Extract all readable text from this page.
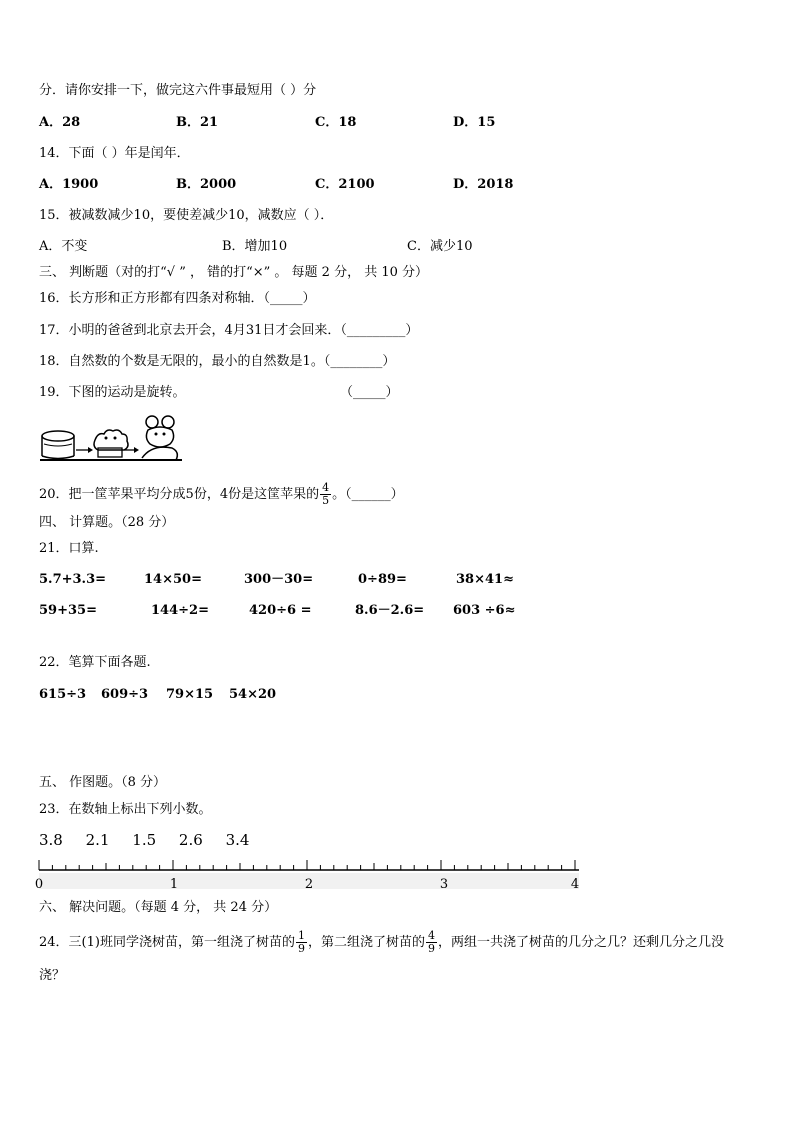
分．请你安排一下，做完这六件事最短用（ ）分
A．28	B．21	C．18	D．15
14．下面（ ）年是闰年．
A．1900	B．2000	C．2100	D．2018
15．被减数减少10，要使差减少10，减数应（ ）．
A．不变	B．增加10	C．减少10
三、 判断题（对的打“√ ” ， 错的打“×” 。 每题 2 分， 共 10 分）
16．长方形和正方形都有四条对称轴．（_____）
17．小明的爸爸到北京去开会，4月31日才会回来．（_________）
18．自然数的个数是无限的，最小的自然数是1。（________）
19．下图的运动是旋转。	（_____）
20．把一筐苹果平均分成5份，4份是这筐苹果的 $\frac{4}{5}$ 。（______）
四、 计算题。（28 分）
21．口算.
5.7+3.3=	14×50=	300－30=	0÷89=	38×41≈
59+35=	144÷2=	420÷6 =	8.6－2.6= 603 ÷6≈
22．笔算下面各题.
615÷3 609÷3 79×15 54×20
五、 作图题。（8 分）
23．在数轴上标出下列小数。
3.8 2.1 1.5 2.6 3.4
0	1	2	3	4
六、 解决问题。（每题 4 分， 共 24 分）
24．三(1)班同学浇树苗，第一组浇了树苗的 $\frac{1}{9}$ ，第二组浇了树苗的 $\frac{4}{9}$ ，两组一共浇了树苗的几分之几？还剩几分之几没
浇？
